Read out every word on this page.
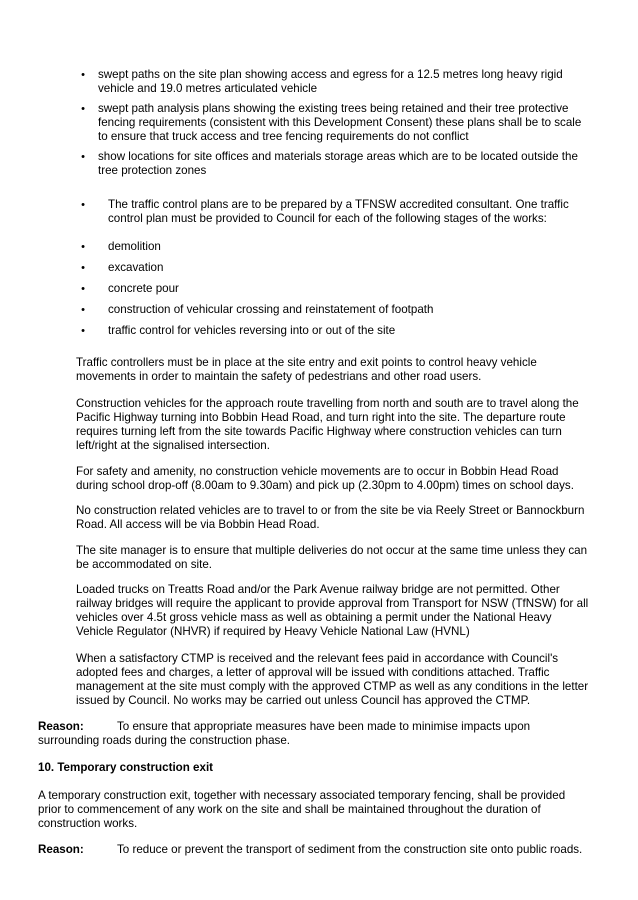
• swept paths on the site plan showing access and egress for a 12.5 metres long heavy rigid
vehicle and 19.0 metres articulated vehicle
• swept path analysis plans showing the existing trees being retained and their tree protective
fencing requirements (consistent with this Development Consent) these plans shall be to scale
to ensure that truck access and tree fencing requirements do not conflict
• show locations for site offices and materials storage areas which are to be located outside the
tree protection zones
• The traffic control plans are to be prepared by a TFNSW accredited consultant. One traffic
control plan must be provided to Council for each of the following stages of the works:
• demolition
• excavation
• concrete pour
• construction of vehicular crossing and reinstatement of footpath
• traffic control for vehicles reversing into or out of the site
Traffic controllers must be in place at the site entry and exit points to control heavy vehicle
movements in order to maintain the safety of pedestrians and other road users.
Construction vehicles for the approach route travelling from north and south are to travel along the
Pacific Highway turning into Bobbin Head Road, and turn right into the site. The departure route
requires turning left from the site towards Pacific Highway where construction vehicles can turn
left/right at the signalised intersection.
For safety and amenity, no construction vehicle movements are to occur in Bobbin Head Road
during school drop-off (8.00am to 9.30am) and pick up (2.30pm to 4.00pm) times on school days.
No construction related vehicles are to travel to or from the site be via Reely Street or Bannockburn
Road. All access will be via Bobbin Head Road.
The site manager is to ensure that multiple deliveries do not occur at the same time unless they can
be accommodated on site.
Loaded trucks on Treatts Road and/or the Park Avenue railway bridge are not permitted. Other
railway bridges will require the applicant to provide approval from Transport for NSW (TfNSW) for all
vehicles over 4.5t gross vehicle mass as well as obtaining a permit under the National Heavy
Vehicle Regulator (NHVR) if required by Heavy Vehicle National Law (HVNL)
When a satisfactory CTMP is received and the relevant fees paid in accordance with Council's
adopted fees and charges, a letter of approval will be issued with conditions attached. Traffic
management at the site must comply with the approved CTMP as well as any conditions in the letter
issued by Council. No works may be carried out unless Council has approved the CTMP.
Reason:	To ensure that appropriate measures have been made to minimise impacts upon
surrounding roads during the construction phase.
10. Temporary construction exit
A temporary construction exit, together with necessary associated temporary fencing, shall be provided
prior to commencement of any work on the site and shall be maintained throughout the duration of
construction works.
Reason:	To reduce or prevent the transport of sediment from the construction site onto public roads.
